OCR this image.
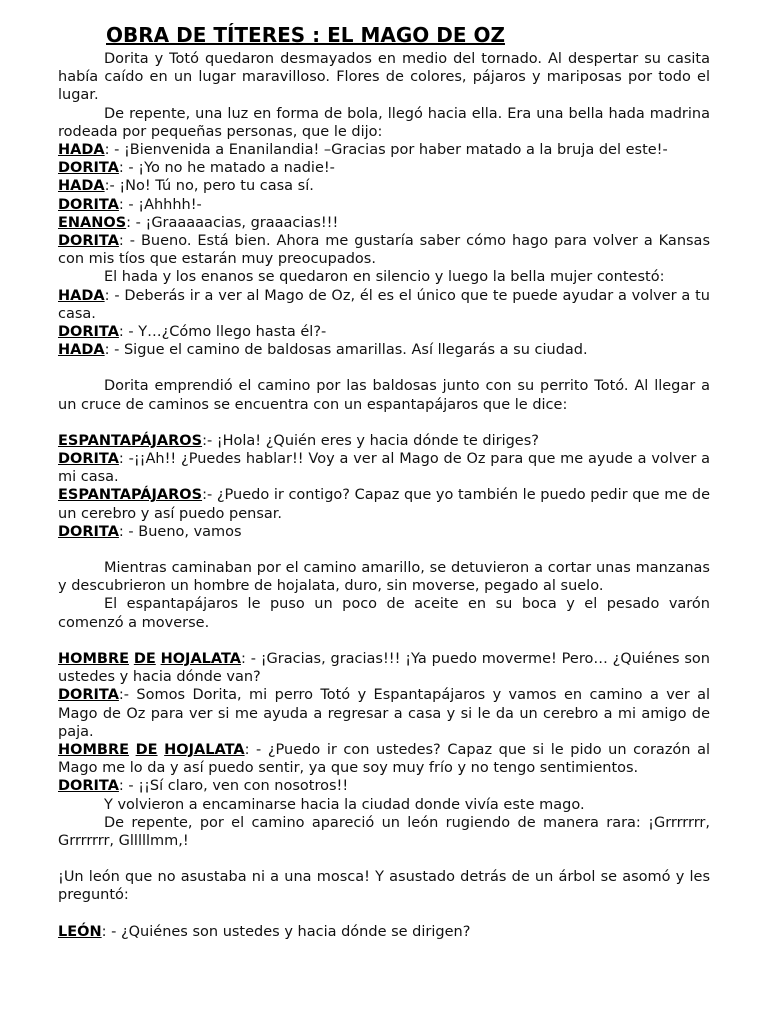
OBRA DE TÍTERES : EL MAGO DE OZ

Dorita y Totó quedaron desmayados en medio del tornado. Al despertar su casita había caído en un lugar maravilloso. Flores de colores, pájaros y mariposas por todo el lugar.

De repente, una luz en forma de bola, llegó hacia ella. Era una bella hada madrina rodeada por pequeñas personas, que le dijo:

HADA: - ¡Bienvenida a Enanilandia! –Gracias por haber matado a la bruja del este!-

DORITA: - ¡Yo no he matado a nadie!-

HADA:- ¡No! Tú no, pero tu casa sí.

DORITA: - ¡Ahhhh!-

ENANOS: - ¡Graaaaacias, graaacias!!!

DORITA: - Bueno. Está bien. Ahora me gustaría saber cómo hago para volver a Kansas con mis tíos que estarán muy preocupados.

El hada y los enanos se quedaron en silencio y luego la bella mujer contestó:

HADA: - Deberás ir a ver al Mago de Oz, él es el único que te puede ayudar a volver a tu casa.

DORITA: - Y…¿Cómo llego hasta él?-

HADA: - Sigue el camino de baldosas amarillas. Así llegarás a su ciudad.

Dorita emprendió el camino por las baldosas junto con su perrito Totó. Al llegar a un cruce de caminos se encuentra con un espantapájaros que le dice:

ESPANTAPÁJAROS:- ¡Hola! ¿Quién eres y hacia dónde te diriges?

DORITA: -¡¡Ah!! ¿Puedes hablar!! Voy a ver al Mago de Oz para que me ayude a volver a mi casa.

ESPANTAPÁJAROS:- ¿Puedo ir contigo? Capaz que yo también le puedo pedir que me de un cerebro y así puedo pensar.

DORITA: - Bueno, vamos

Mientras caminaban por el camino amarillo, se detuvieron a cortar unas manzanas y descubrieron un hombre de hojalata, duro, sin moverse, pegado al suelo.

El espantapájaros le puso un poco de aceite en su boca y el pesado varón comenzó a moverse.

HOMBRE DE HOJALATA: - ¡Gracias, gracias!!! ¡Ya puedo moverme! Pero… ¿Quiénes son ustedes y hacia dónde van?

DORITA:- Somos Dorita, mi perro Totó y Espantapájaros y vamos en camino a ver al Mago de Oz para ver si me ayuda a regresar a casa y si le da un cerebro a mi amigo de paja.

HOMBRE DE HOJALATA: - ¿Puedo ir con ustedes? Capaz que si le pido un corazón al Mago me lo da y así puedo sentir, ya que soy muy frío y no tengo sentimientos.

DORITA: - ¡¡Sí claro, ven con nosotros!!

Y volvieron a encaminarse hacia la ciudad donde vivía este mago.

De repente, por el camino apareció un león rugiendo de manera rara: ¡Grrrrrrr, Grrrrrrr, Glllllmm,!

¡Un león que no asustaba ni a una mosca! Y asustado detrás de un árbol se asomó y les preguntó:

LEÓN: - ¿Quiénes son ustedes y hacia dónde se dirigen?
